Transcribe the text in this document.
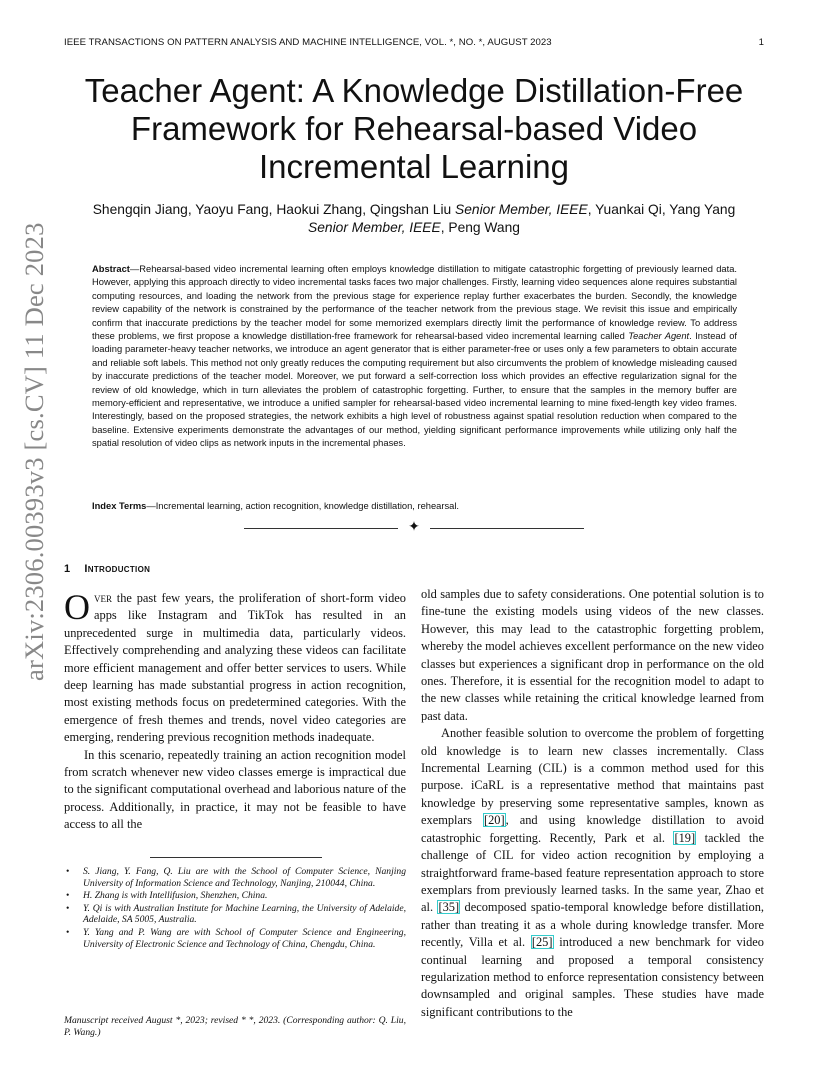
IEEE TRANSACTIONS ON PATTERN ANALYSIS AND MACHINE INTELLIGENCE, VOL. *, NO. *, AUGUST 2023	1
Teacher Agent: A Knowledge Distillation-Free
Framework for Rehearsal-based Video
Incremental Learning
Shengqin Jiang, Yaoyu Fang, Haokui Zhang, Qingshan Liu Senior Member, IEEE, Yuankai Qi, Yang Yang Senior Member, IEEE, Peng Wang

Abstract—Rehearsal-based video incremental learning often employs knowledge distillation to mitigate catastrophic forgetting of previously learned data. However, applying this approach directly to video incremental tasks faces two major challenges. Firstly, learning video sequences alone requires substantial computing resources, and loading the network from the previous stage for experience replay further exacerbates the burden. Secondly, the knowledge review capability of the network is constrained by the performance of the teacher network from the previous stage. We revisit this issue and empirically confirm that inaccurate predictions by the teacher model for some memorized exemplars directly limit the performance of knowledge review. To address these problems, we first propose a knowledge distillation-free framework for rehearsal-based video incremental learning called Teacher Agent. Instead of loading parameter-heavy teacher networks, we introduce an agent generator that is either parameter-free or uses only a few parameters to obtain accurate and reliable soft labels. This method not only greatly reduces the computing requirement but also circumvents the problem of knowledge misleading caused by inaccurate predictions of the teacher model. Moreover, we put forward a self-correction loss which provides an effective regularization signal for the review of old knowledge, which in turn alleviates the problem of catastrophic forgetting. Further, to ensure that the samples in the memory buffer are memory-efficient and representative, we introduce a unified sampler for rehearsal-based video incremental learning to mine fixed-length key video frames. Interestingly, based on the proposed strategies, the network exhibits a high level of robustness against spatial resolution reduction when compared to the baseline. Extensive experiments demonstrate the advantages of our method, yielding significant performance improvements while utilizing only half the spatial resolution of video clips as network inputs in the incremental phases.

Index Terms—Incremental learning, action recognition, knowledge distillation, rehearsal.
✦
arXiv:2306.00393v3 [cs.CV] 11 Dec 2023 1 Introduction

Over the past few years, the proliferation of short-form video apps like Instagram and TikTok has resulted in an unprecedented surge in multimedia data, particularly videos. Effectively comprehending and analyzing these videos can facilitate more efficient management and offer better services to users. While deep learning has made substantial progress in action recognition, most existing methods focus on predetermined categories. With the emergence of fresh themes and trends, novel video categories are emerging, rendering previous recognition methods inadequate.

In this scenario, repeatedly training an action recognition model from scratch whenever new video classes emerge is impractical due to the significant computational overhead and laborious nature of the process. Additionally, in practice, it may not be feasible to have access to all the

old samples due to safety considerations. One potential solution is to fine-tune the existing models using videos of the new classes. However, this may lead to the catastrophic forgetting problem, whereby the model achieves excellent performance on the new video classes but experiences a significant drop in performance on the old ones. Therefore, it is essential for the recognition model to adapt to the new classes while retaining the critical knowledge learned from past data.

Another feasible solution to overcome the problem of forgetting old knowledge is to learn new classes incrementally. Class Incremental Learning (CIL) is a common method used for this purpose. iCaRL is a representative method that maintains past knowledge by preserving some representative samples, known as exemplars [20], and using knowledge distillation to avoid catastrophic forgetting. Recently, Park et al. [19] tackled the challenge of CIL for video action recognition by employing a straightforward frame-based feature representation approach to store exemplars from previously learned tasks. In the same year, Zhao et al. [35] decomposed spatio-temporal knowledge before distillation, rather than treating it as a whole during knowledge transfer. More recently, Villa et al. [25] introduced a new benchmark for video continual learning and proposed a temporal consistency regularization method to enforce representation consistency between downsampled and original samples. These studies have made significant contributions to the

• S. Jiang, Y. Fang, Q. Liu are with the School of Computer Science, Nanjing University of Information Science and Technology, Nanjing, 210044, China.
• H. Zhang is with Intellifusion, Shenzhen, China.
• Y. Qi is with Australian Institute for Machine Learning, the University of Adelaide, Adelaide, SA 5005, Australia.
• Y. Yang and P. Wang are with School of Computer Science and Engineering, University of Electronic Science and Technology of China, Chengdu, China.
Manuscript received August *, 2023; revised * *, 2023. (Corresponding author: Q. Liu, P. Wang.)
